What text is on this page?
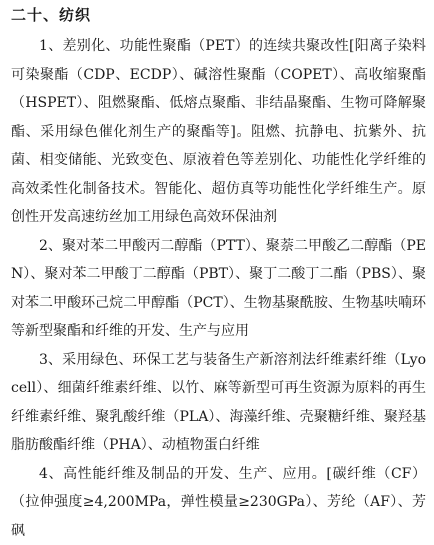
二十、纺织

1、差别化、功能性聚酯（PET）的连续共聚改性[阳离子染料可染聚酯（CDP、ECDP）、碱溶性聚酯（COPET）、高收缩聚酯（HSPET）、阻燃聚酯、低熔点聚酯、非结晶聚酯、生物可降解聚酯、采用绿色催化剂生产的聚酯等]。阻燃、抗静电、抗紫外、抗菌、相变储能、光致变色、原液着色等差别化、功能性化学纤维的高效柔性化制备技术。智能化、超仿真等功能性化学纤维生产。原创性开发高速纺丝加工用绿色高效环保油剂

2、聚对苯二甲酸丙二醇酯（PTT）、聚萘二甲酸乙二醇酯（PEN）、聚对苯二甲酸丁二醇酯（PBT）、聚丁二酸丁二酯（PBS）、聚对苯二甲酸环己烷二甲醇酯（PCT）、生物基聚酰胺、生物基呋喃环等新型聚酯和纤维的开发、生产与应用

3、采用绿色、环保工艺与装备生产新溶剂法纤维素纤维（Lyocell）、细菌纤维素纤维、以竹、麻等新型可再生资源为原料的再生纤维素纤维、聚乳酸纤维（PLA）、海藻纤维、壳聚糖纤维、聚羟基脂肪酸酯纤维（PHA）、动植物蛋白纤维

4、高性能纤维及制品的开发、生产、应用。[碳纤维（CF）（拉伸强度≥4,200MPa，弹性模量≥230GPa）、芳纶（AF）、芳砜
